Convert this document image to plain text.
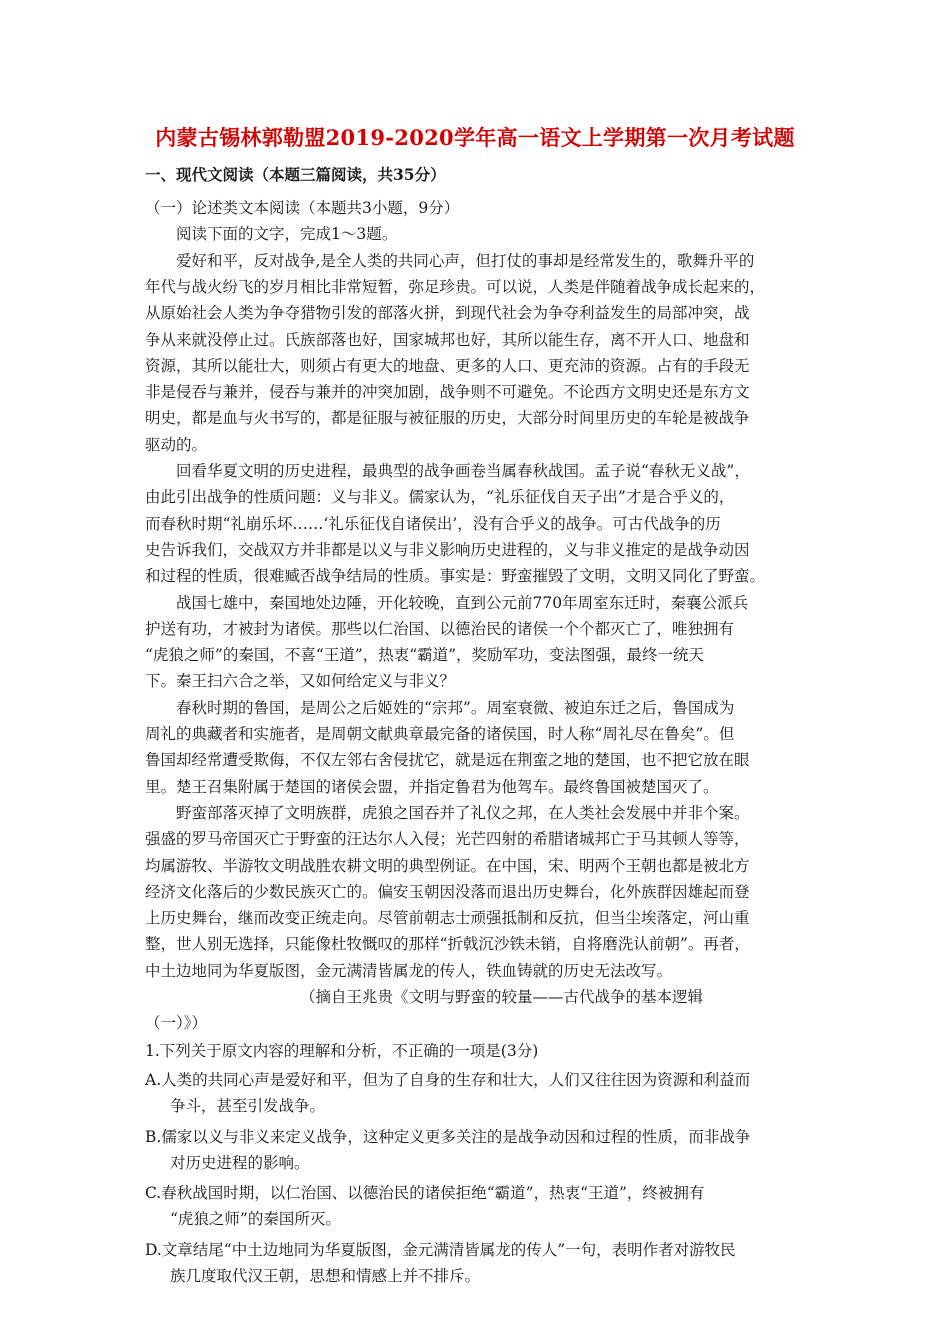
内蒙古锡林郭勒盟2019-2020学年高一语文上学期第一次月考试题
一、现代文阅读（本题三篇阅读，共35分）
（一）论述类文本阅读（本题共3小题，9分）
阅读下面的文字，完成1～3题。
爱好和平，反对战争,是全人类的共同心声，但打仗的事却是经常发生的，歌舞升平的
年代与战火纷飞的岁月相比非常短暂，弥足珍贵。可以说，人类是伴随着战争成长起来的，
从原始社会人类为争夺猎物引发的部落火拼，到现代社会为争夺利益发生的局部冲突，战
争从来就没停止过。氏族部落也好，国家城邦也好，其所以能生存，离不开人口、地盘和
资源，其所以能壮大，则须占有更大的地盘、更多的人口、更充沛的资源。占有的手段无
非是侵吞与兼并，侵吞与兼并的冲突加剧，战争则不可避免。不论西方文明史还是东方文
明史，都是血与火书写的，都是征服与被征服的历史，大部分时间里历史的车轮是被战争
驱动的。
回看华夏文明的历史进程，最典型的战争画卷当属春秋战国。孟子说“春秋无义战”，
由此引出战争的性质问题：义与非义。儒家认为，“礼乐征伐自天子出”才是合乎义的，
而春秋时期“礼崩乐坏……‘礼乐征伐自诸侯出’，没有合乎义的战争。可古代战争的历
史告诉我们，交战双方并非都是以义与非义影响历史进程的，义与非义推定的是战争动因
和过程的性质，很难臧否战争结局的性质。事实是：野蛮摧毁了文明，文明又同化了野蛮。
战国七雄中，秦国地处边陲，开化较晚，直到公元前770年周室东迁时，秦襄公派兵
护送有功，才被封为诸侯。那些以仁治国、以德治民的诸侯一个个都灭亡了，唯独拥有
“虎狼之师”的秦国，不喜“王道”，热衷“霸道”，奖励军功，变法图强，最终一统天
下。秦王扫六合之举，又如何给定义与非义？
春秋时期的鲁国，是周公之后姬姓的“宗邦”。周室衰微、被迫东迁之后，鲁国成为
周礼的典藏者和实施者，是周朝文献典章最完备的诸侯国，时人称“周礼尽在鲁矣”。但
鲁国却经常遭受欺侮，不仅左邻右舍侵扰它，就是远在荆蛮之地的楚国，也不把它放在眼
里。楚王召集附属于楚国的诸侯会盟，并指定鲁君为他驾车。最终鲁国被楚国灭了。
野蛮部落灭掉了文明族群，虎狼之国吞并了礼仪之邦，在人类社会发展中并非个案。
强盛的罗马帝国灭亡于野蛮的汪达尔人入侵；光芒四射的希腊诸城邦亡于马其顿人等等，
均属游牧、半游牧文明战胜农耕文明的典型例证。在中国，宋、明两个王朝也都是被北方
经济文化落后的少数民族灭亡的。偏安玉朝因没落而退出历史舞台，化外族群因雄起而登
上历史舞台，继而改变正统走向。尽管前朝志士顽强抵制和反抗，但当尘埃落定，河山重
整，世人别无选择，只能像杜牧慨叹的那样“折戟沉沙铁未销，自将磨洗认前朝”。再者，
中土边地同为华夏版图，金元满清皆属龙的传人，铁血铸就的历史无法改写。
（摘自王兆贵《文明与野蛮的较量——古代战争的基本逻辑
（一）》）
1.下列关于原文内容的理解和分析，不正确的一项是(3分)
A.人类的共同心声是爱好和平，但为了自身的生存和壮大，人们又往往因为资源和利益而
争斗，甚至引发战争。
B.儒家以义与非义来定义战争，这种定义更多关注的是战争动因和过程的性质，而非战争
对历史进程的影响。
C.春秋战国时期，以仁治国、以德治民的诸侯拒绝“霸道”，热衷“王道”，终被拥有
“虎狼之师”的秦国所灭。
D.文章结尾“中土边地同为华夏版图，金元满清皆属龙的传人”一句，表明作者对游牧民
族几度取代汉王朝，思想和情感上并不排斥。
